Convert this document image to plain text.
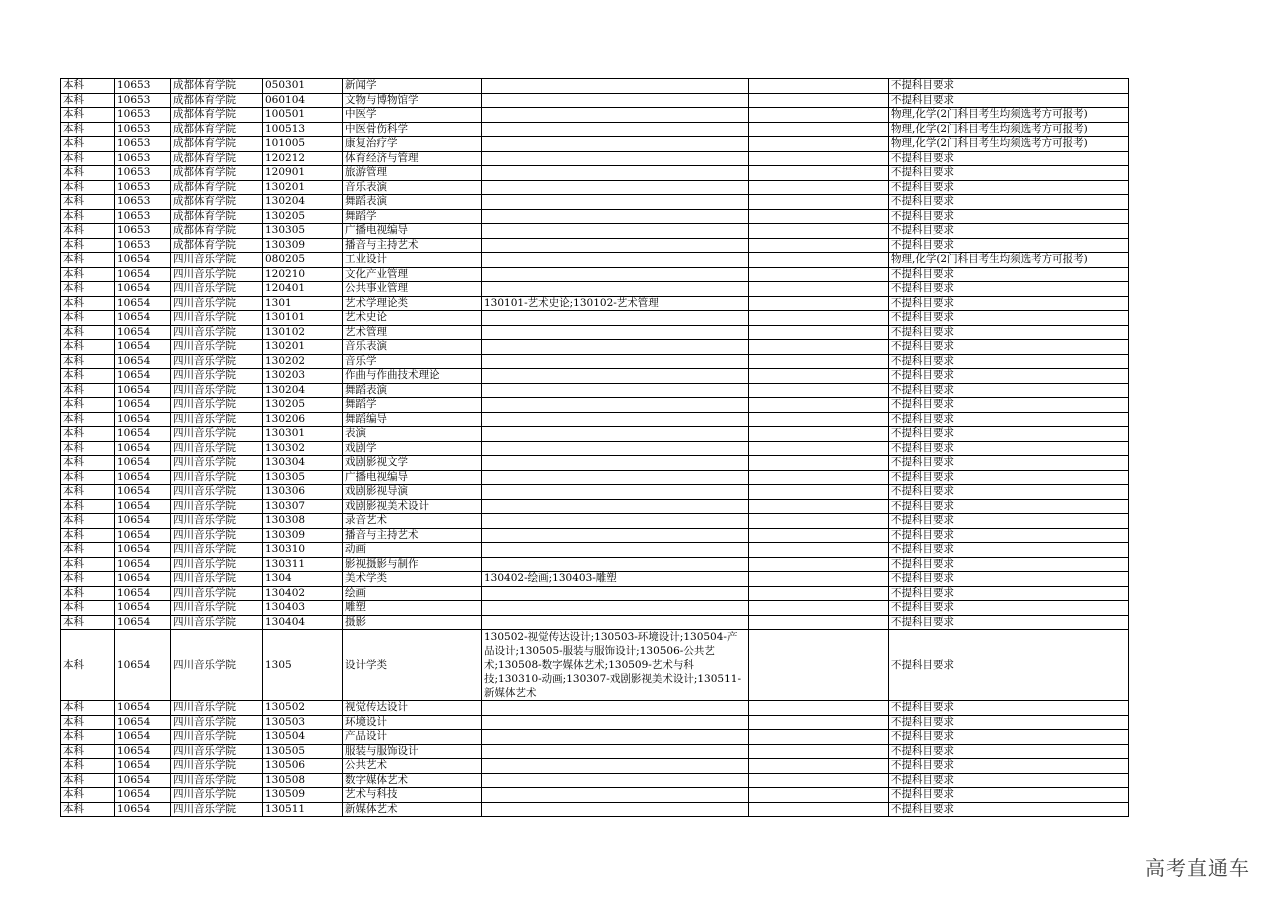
本科	10653	成都体育学院	050301	新闻学			不提科目要求
本科	10653	成都体育学院	060104	文物与博物馆学			不提科目要求
本科	10653	成都体育学院	100501	中医学			物理,化学(2门科目考生均须选考方可报考)
本科	10653	成都体育学院	100513	中医骨伤科学			物理,化学(2门科目考生均须选考方可报考)
本科	10653	成都体育学院	101005	康复治疗学			物理,化学(2门科目考生均须选考方可报考)
本科	10653	成都体育学院	120212	体育经济与管理			不提科目要求
本科	10653	成都体育学院	120901	旅游管理			不提科目要求
本科	10653	成都体育学院	130201	音乐表演			不提科目要求
本科	10653	成都体育学院	130204	舞蹈表演			不提科目要求
本科	10653	成都体育学院	130205	舞蹈学			不提科目要求
本科	10653	成都体育学院	130305	广播电视编导			不提科目要求
本科	10653	成都体育学院	130309	播音与主持艺术			不提科目要求
本科	10654	四川音乐学院	080205	工业设计			物理,化学(2门科目考生均须选考方可报考)
本科	10654	四川音乐学院	120210	文化产业管理			不提科目要求
本科	10654	四川音乐学院	120401	公共事业管理			不提科目要求
本科	10654	四川音乐学院	1301	艺术学理论类	130101-艺术史论;130102-艺术管理		不提科目要求
本科	10654	四川音乐学院	130101	艺术史论			不提科目要求
本科	10654	四川音乐学院	130102	艺术管理			不提科目要求
本科	10654	四川音乐学院	130201	音乐表演			不提科目要求
本科	10654	四川音乐学院	130202	音乐学			不提科目要求
本科	10654	四川音乐学院	130203	作曲与作曲技术理论			不提科目要求
本科	10654	四川音乐学院	130204	舞蹈表演			不提科目要求
本科	10654	四川音乐学院	130205	舞蹈学			不提科目要求
本科	10654	四川音乐学院	130206	舞蹈编导			不提科目要求
本科	10654	四川音乐学院	130301	表演			不提科目要求
本科	10654	四川音乐学院	130302	戏剧学			不提科目要求
本科	10654	四川音乐学院	130304	戏剧影视文学			不提科目要求
本科	10654	四川音乐学院	130305	广播电视编导			不提科目要求
本科	10654	四川音乐学院	130306	戏剧影视导演			不提科目要求
本科	10654	四川音乐学院	130307	戏剧影视美术设计			不提科目要求
本科	10654	四川音乐学院	130308	录音艺术			不提科目要求
本科	10654	四川音乐学院	130309	播音与主持艺术			不提科目要求
本科	10654	四川音乐学院	130310	动画			不提科目要求
本科	10654	四川音乐学院	130311	影视摄影与制作			不提科目要求
本科	10654	四川音乐学院	1304	美术学类	130402-绘画;130403-雕塑		不提科目要求
本科	10654	四川音乐学院	130402	绘画			不提科目要求
本科	10654	四川音乐学院	130403	雕塑			不提科目要求
本科	10654	四川音乐学院	130404	摄影			不提科目要求
本科	10654	四川音乐学院	1305	设计学类	130502-视觉传达设计;130503-环境设计;130504-产品设计;130505-服装与服饰设计;130506-公共艺术;130508-数字媒体艺术;130509-艺术与科技;130310-动画;130307-戏剧影视美术设计;130511-新媒体艺术		不提科目要求
本科	10654	四川音乐学院	130502	视觉传达设计			不提科目要求
本科	10654	四川音乐学院	130503	环境设计			不提科目要求
本科	10654	四川音乐学院	130504	产品设计			不提科目要求
本科	10654	四川音乐学院	130505	服装与服饰设计			不提科目要求
本科	10654	四川音乐学院	130506	公共艺术			不提科目要求
本科	10654	四川音乐学院	130508	数字媒体艺术			不提科目要求
本科	10654	四川音乐学院	130509	艺术与科技			不提科目要求
本科	10654	四川音乐学院	130511	新媒体艺术			不提科目要求
高考直通车
